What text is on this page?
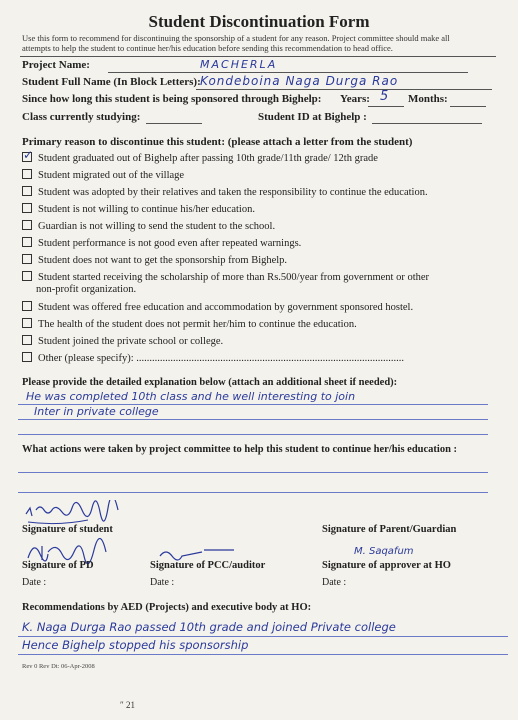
Student Discontinuation Form
Use this form to recommend for discontinuing the sponsorship of a student for any reason. Project committee should make all
attempts to help the student to continue her/his education before sending this recommendation to head office.
Project Name:	MACHERLA
Student Full Name (In Block Letters): Kondeboina Naga Durga Rao
Since how long this student is being sponsored through Bighelp: Years: 5 Months:
Class currently studying:	Student ID at Bighelp :
Primary reason to discontinue this student: (please attach a letter from the student)
✓Student graduated out of Bighelp after passing 10th grade/11th grade/ 12th grade
Student migrated out of the village
Student was adopted by their relatives and taken the responsibility to continue the education.
Student is not willing to continue his/her education.
Guardian is not willing to send the student to the school.
Student performance is not good even after repeated warnings.
Student does not want to get the sponsorship from Bighelp.
Student started receiving the scholarship of more than Rs.500/year from government or other
non-profit organization.
Student was offered free education and accommodation by government sponsored hostel.
The health of the student does not permit her/him to continue the education.
Student joined the private school or college.
Other (please specify): ......................................................................................................
Please provide the detailed explanation below (attach an additional sheet if needed):
He was completed 10th class and he well interesting to join
Inter in private college
What actions were taken by project committee to help this student to continue her/his education :
Signature of student	Signature of Parent/Guardian
M. Saqafum
Signature of PD	Signature of PCC/auditor	Signature of approver at HO
Date :	Date :	Date :
Recommendations by AED (Projects) and executive body at HO:
K. Naga Durga Rao passed 10th grade and joined Private college
Hence Bighelp stopped his sponsorship
Rev 0 Rev Dt: 06-Apr-2008
″ 21
